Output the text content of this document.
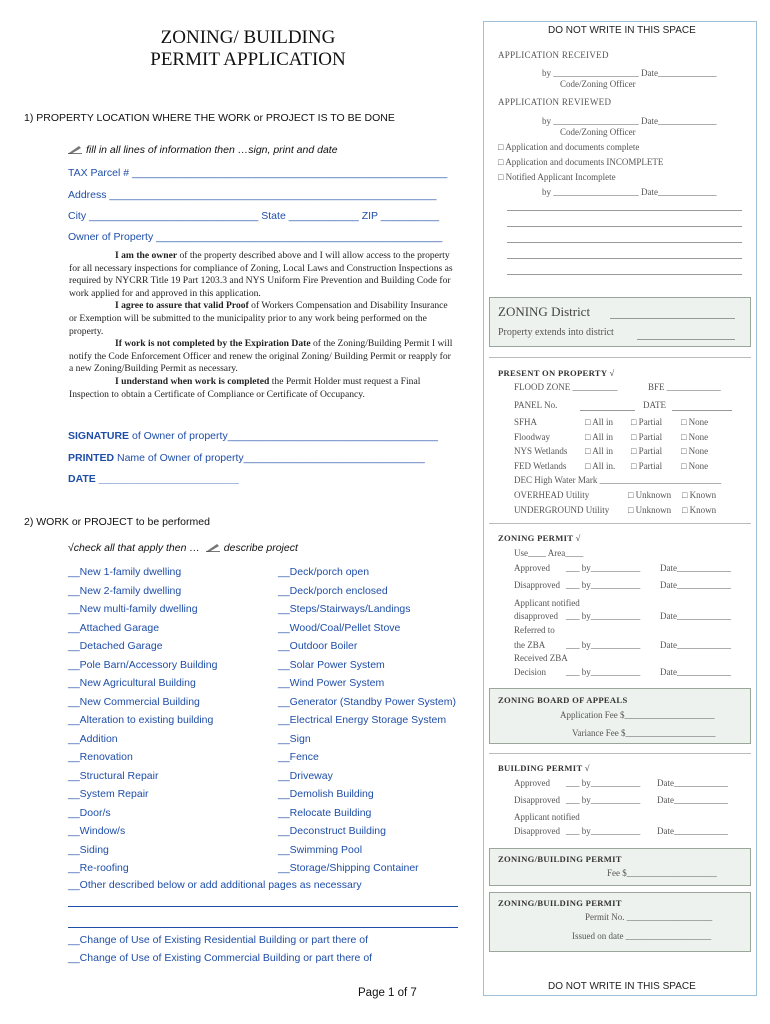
ZONING/ BUILDING
PERMIT APPLICATION
1) PROPERTY LOCATION WHERE THE WORK or PROJECT IS TO BE DONE
fill in all lines of information then …sign, print and date
TAX Parcel # ______________________________________________________
Address ________________________________________________________
City _____________________________ State ____________ ZIP __________
Owner of Property _________________________________________________

I am the owner of the property described above and I will allow access to the property for all necessary inspections for compliance of Zoning, Local Laws and Construction Inspections as required by NYCRR Title 19 Part 1203.3 and NYS Uniform Fire Prevention and Building Code for work applied for and approved in this application.

I agree to assure that valid Proof of Workers Compensation and Disability Insurance or Exemption will be submitted to the municipality prior to any work being performed on the property.

If work is not completed by the Expiration Date of the Zoning/Building Permit I will notify the Code Enforcement Officer and renew the original Zoning/ Building Permit or reapply for a new Zoning/Building Permit as necessary.

I understand when work is completed the Permit Holder must request a Final Inspection to obtain a Certificate of Compliance or Certificate of Occupancy.

SIGNATURE of Owner of property____________________________________
PRINTED Name of Owner of property_______________________________
DATE ________________________
2) WORK or PROJECT to be performed
√check all that apply then … describe project
__New 1-family dwelling
__New 2-family dwelling
__New multi-family dwelling
__Attached Garage
__Detached Garage
__Pole Barn/Accessory Building
__New Agricultural Building
__New Commercial Building
__Alteration to existing building
__Addition
__Renovation
__Structural Repair
__System Repair
__Door/s
__Window/s
__Siding
__Re-roofing
__Deck/porch open
__Deck/porch enclosed
__Steps/Stairways/Landings
__Wood/Coal/Pellet Stove
__Outdoor Boiler
__Solar Power System
__Wind Power System
__Generator (Standby Power System)
__Electrical Energy Storage System
__Sign
__Fence
__Driveway
__Demolish Building
__Relocate Building
__Deconstruct Building
__Swimming Pool
__Storage/Shipping Container
__Other described below or add additional pages as necessary
__Change of Use of Existing Residential Building or part there of
__Change of Use of Existing Commercial Building or part there of
Page 1 of 7
DO NOT WRITE IN THIS SPACE
DO NOT WRITE IN THIS SPACE
APPLICATION RECEIVED
by ___________________ Date_____________
Code/Zoning Officer
APPLICATION REVIEWED
by ___________________ Date_____________
Code/Zoning Officer
□ Application and documents complete
□ Application and documents INCOMPLETE
□ Notified Applicant Incomplete
by ___________________ Date_____________
ZONING District
Property extends into district
PRESENT ON PROPERTY √
FLOOD ZONE __________	BFE ____________
PANEL No.	DATE
SFHA	□ All in □ Partial □ None
Floodway	□ All in □ Partial □ None
NYS Wetlands □ All in □ Partial □ None
FED Wetlands □ All in. □ Partial □ None
DEC High Water Mark ___________________________
OVERHEAD Utility	□ Unknown □ Known
UNDERGROUND Utility □ Unknown □ Known
ZONING PERMIT √
Use____ Area____
Approved ___ by___________ Date____________
Disapproved ___ by___________ Date____________
Applicant notified
disapproved ___ by___________ Date____________
Referred to
the ZBA ___ by___________ Date____________
Received ZBA
Decision ___ by___________ Date____________
ZONING BOARD OF APPEALS
Application Fee $____________________
Variance Fee $____________________
BUILDING PERMIT √
Approved ___ by___________ Date____________
Disapproved ___ by___________ Date____________
Applicant notified
Disapproved ___ by___________ Date____________
ZONING/BUILDING PERMIT
Fee $____________________
ZONING/BUILDING PERMIT
Permit No. ___________________
Issued on date ___________________
